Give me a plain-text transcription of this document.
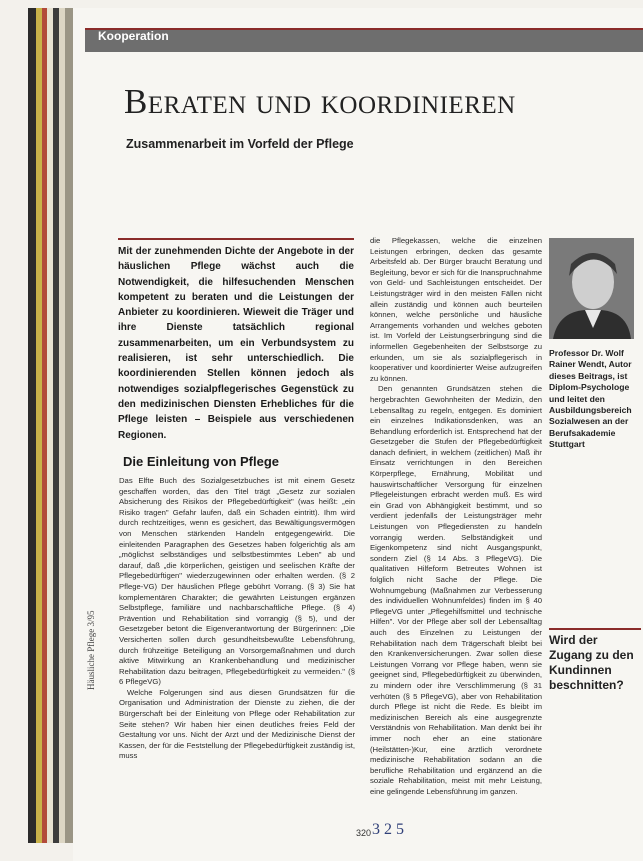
Kooperation
Beraten und koordinieren
Zusammenarbeit im Vorfeld der Pflege
Mit der zunehmenden Dichte der Angebote in der häuslichen Pflege wächst auch die Notwendigkeit, die hilfesuchenden Menschen kompetent zu beraten und die Leistungen der Anbieter zu koordinieren. Wieweit die Träger und ihre Dienste tatsächlich regional zusammenarbeiten, um ein Verbundsystem zu realisieren, ist sehr unterschiedlich. Die koordinierenden Stellen können jedoch als notwendiges sozialpflegerisches Gegenstück zu den medizinischen Diensten Erhebliches für die Pflege leisten – Beispiele aus verschiedenen Regionen.
Die Einleitung von Pflege

Das Elfte Buch des Sozialgesetzbuches ist mit einem Gesetz geschaffen worden, das den Titel trägt „Gesetz zur sozialen Absicherung des Risikos der Pflegebedürftigkeit" (was heißt: „ein Risiko tragen" Gefahr laufen, daß ein Schaden eintritt). Ihm wird durch rechtzeitiges, wenn es gesichert, das Bewältigungsvermögen von Menschen stärkenden Handeln entgegengewirkt. Die einleitenden Paragraphen des Gesetzes haben folgerichtig als am „möglichst selbständiges und selbstbestimmtes Leben" ab und darauf, daß „die körperlichen, geistigen und seelischen Kräfte der Pflegebedürftigen" wiederzugewinnen oder erhalten werden. (§ 2 Pflege-VG) Der häuslichen Pflege gebührt Vorrang. (§ 3) Sie hat komplementären Charakter; die gewährten Leistungen ergänzen Selbstpflege, familiäre und nachbarschaftliche Pflege. (§ 4) Prävention und Rehabilitation sind vorrangig (§ 5), und der Gesetzgeber betont die Eigenverantwortung der Bürgerinnen: „Die Versicherten sollen durch gesundheitsbewußte Lebensführung, durch frühzeitige Beteiligung an Vorsorgemaßnahmen und durch aktive Mitwirkung an Krankenbehandlung und medizinischer Rehabilitation dazu beitragen, Pflegebedürftigkeit zu vermeiden." (§ 6 PflegeVG)

Welche Folgerungen sind aus diesen Grundsätzen für die Organisation und Administration der Dienste zu ziehen, die der Bürgerschaft bei der Einleitung von Pflege oder Rehabilitation zur Seite stehen? Wir haben hier einen deutliches freies Feld der Gestaltung vor uns. Nicht der Arzt und der Medizinische Dienst der Kassen, der für die Feststellung der Pflegebedürftigkeit zuständig ist, muss

die Pflegekassen, welche die einzelnen Leistungen erbringen, decken das gesamte Arbeitsfeld ab. Der Bürger braucht Beratung und Begleitung, bevor er sich für die Inanspruchnahme von Geld- und Sachleistungen entscheidet. Der Leistungsträger wird in den meisten Fällen nicht allein zuständig und können auch beurteilen können, welche persönliche und häusliche Arrangements vorhanden und welches geboten ist. Im Vorfeld der Leistungserbringung sind die informellen Gegebenheiten der Selbstsorge zu erkunden, um sie als sozialpflegerisch in kooperativer und koordinierter Weise aufzugreifen zu können.

Den genannten Grundsätzen stehen die hergebrachten Gewohnheiten der Medizin, den Lebensalltag zu regeln, entgegen. Es dominiert ein einzelnes Indikationsdenken, was an Behandlung erforderlich ist. Entsprechend hat der Gesetzgeber die Stufen der Pflegebedürftigkeit danach definiert, in welchem (zeitlichen) Maß ihr Einsatz verrichtungen in den Bereichen Körperpflege, Ernährung, Mobilität und hauswirtschaftlicher Versorgung für einzelnen Pflegeleistungen erbracht werden muß. Es wird ein Grad von Abhängigkeit bestimmt, und so verdient jedenfalls der Leistungsträger mehr Leistungen von Pflegediensten zu handeln vorrangig werden. Selbständigkeit und Eigenkompetenz sind nicht Ausgangspunkt, sondern Ziel (§ 14 Abs. 3 PflegeVG). Die qualitativen Hilfeform Betreutes Wohnen ist folglich nicht Sache der Pflege. Die Wohnumgebung (Maßnahmen zur Verbesserung des individuellen Wohnumfeldes) finden im § 40 PflegeVG unter „Pflegehilfsmittel und technische Hilfen". Vor der Pflege aber soll der Lebensalltag auch des Einzelnen zu Leistungen der Rehabilitation nach dem Trägerschaft bleibt bei den Krankenversicherungen. Zwar sollen diese Leistungen Vorrang vor Pflege haben, wenn sie geeignet sind, Pflegebedürftigkeit zu überwinden, zu mindern oder ihre Verschlimmerung (§ 31 verhüten (§ 5 PflegeVG), aber von Rehabilitation durch Pflege ist nicht die Rede. Es bleibt im medizinischen Bereich als eine ausgegrenzte Verständnis von Rehabilitation. Man denkt bei ihr immer noch eher an eine stationäre (Heilstätten-)Kur, eine ärztlich verordnete medizinische Rehabilitation sodann an die berufliche Rehabilitation und ergänzend an die soziale Rehabilitation, meist mit mehr Leistung, eine gelingende Lebensführung im ganzen.

Professor Dr. Wolf Rainer Wendt, Autor dieses Beitrags, ist Diplom-Psychologe und leitet den Ausbildungsbereich Sozialwesen an der Berufsakademie Stuttgart
Wird der Zugang zu den Kundinnen beschnitten?
Häusliche Pflege 3/95
320 325
